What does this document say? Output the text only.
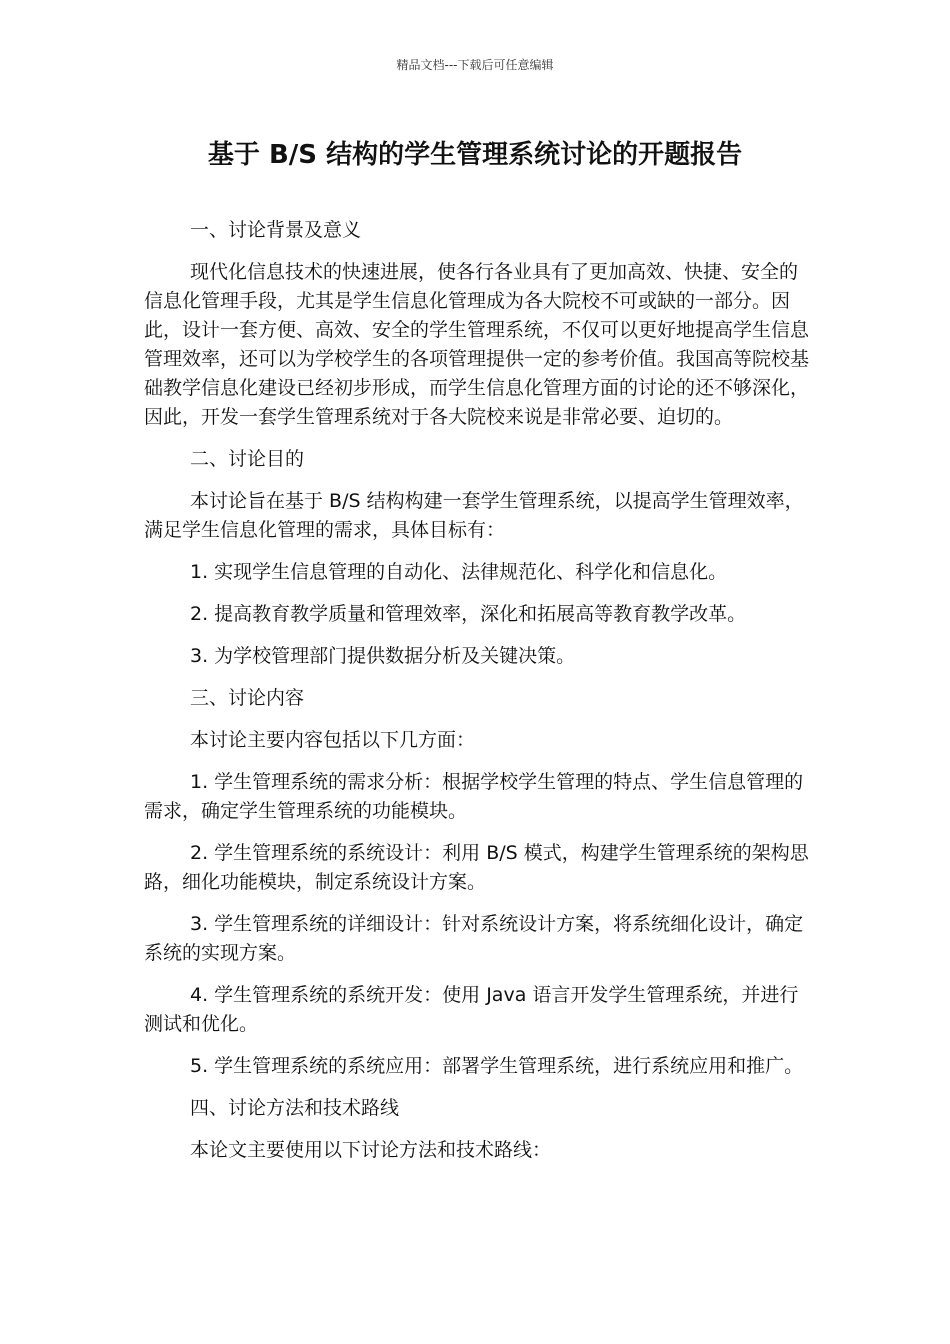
精品文档---下载后可任意编辑
基于 B/S 结构的学生管理系统讨论的开题报告

一、讨论背景及意义

现代化信息技术的快速进展，使各行各业具有了更加高效、快捷、安全的信息化管理手段，尤其是学生信息化管理成为各大院校不可或缺的一部分。因此，设计一套方便、高效、安全的学生管理系统，不仅可以更好地提高学生信息管理效率，还可以为学校学生的各项管理提供一定的参考价值。我国高等院校基础教学信息化建设已经初步形成，而学生信息化管理方面的讨论的还不够深化，因此，开发一套学生管理系统对于各大院校来说是非常必要、迫切的。

二、讨论目的

本讨论旨在基于 B/S 结构构建一套学生管理系统，以提高学生管理效率，满足学生信息化管理的需求，具体目标有：

1. 实现学生信息管理的自动化、法律规范化、科学化和信息化。

2. 提高教育教学质量和管理效率，深化和拓展高等教育教学改革。

3. 为学校管理部门提供数据分析及关键决策。

三、讨论内容

本讨论主要内容包括以下几方面：

1. 学生管理系统的需求分析：根据学校学生管理的特点、学生信息管理的需求，确定学生管理系统的功能模块。

2. 学生管理系统的系统设计：利用 B/S 模式，构建学生管理系统的架构思路，细化功能模块，制定系统设计方案。

3. 学生管理系统的详细设计：针对系统设计方案，将系统细化设计，确定系统的实现方案。

4. 学生管理系统的系统开发：使用 Java 语言开发学生管理系统，并进行测试和优化。

5. 学生管理系统的系统应用：部署学生管理系统，进行系统应用和推广。

四、讨论方法和技术路线

本论文主要使用以下讨论方法和技术路线：
